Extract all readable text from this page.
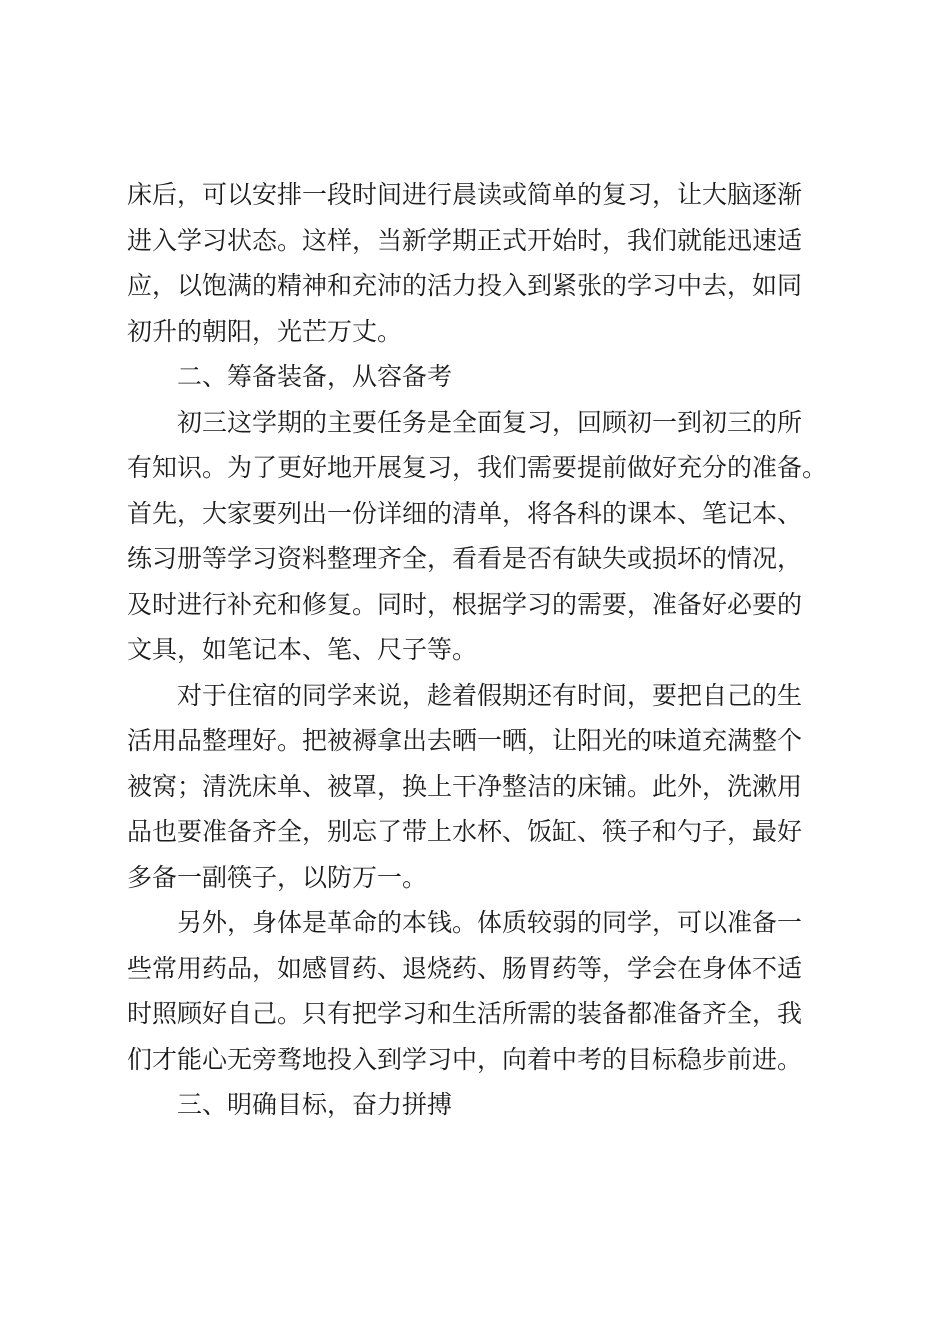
床后，可以安排一段时间进行晨读或简单的复习，让大脑逐渐
进入学习状态。这样，当新学期正式开始时，我们就能迅速适
应，以饱满的精神和充沛的活力投入到紧张的学习中去，如同
初升的朝阳，光芒万丈。

二、筹备装备，从容备考

初三这学期的主要任务是全面复习，回顾初一到初三的所
有知识。为了更好地开展复习，我们需要提前做好充分的准备。
首先，大家要列出一份详细的清单，将各科的课本、笔记本、
练习册等学习资料整理齐全，看看是否有缺失或损坏的情况，
及时进行补充和修复。同时，根据学习的需要，准备好必要的
文具，如笔记本、笔、尺子等。

对于住宿的同学来说，趁着假期还有时间，要把自己的生
活用品整理好。把被褥拿出去晒一晒，让阳光的味道充满整个
被窝；清洗床单、被罩，换上干净整洁的床铺。此外，洗漱用
品也要准备齐全，别忘了带上水杯、饭缸、筷子和勺子，最好
多备一副筷子，以防万一。

另外，身体是革命的本钱。体质较弱的同学，可以准备一
些常用药品，如感冒药、退烧药、肠胃药等，学会在身体不适
时照顾好自己。只有把学习和生活所需的装备都准备齐全，我
们才能心无旁骛地投入到学习中，向着中考的目标稳步前进。

三、明确目标，奋力拼搏
